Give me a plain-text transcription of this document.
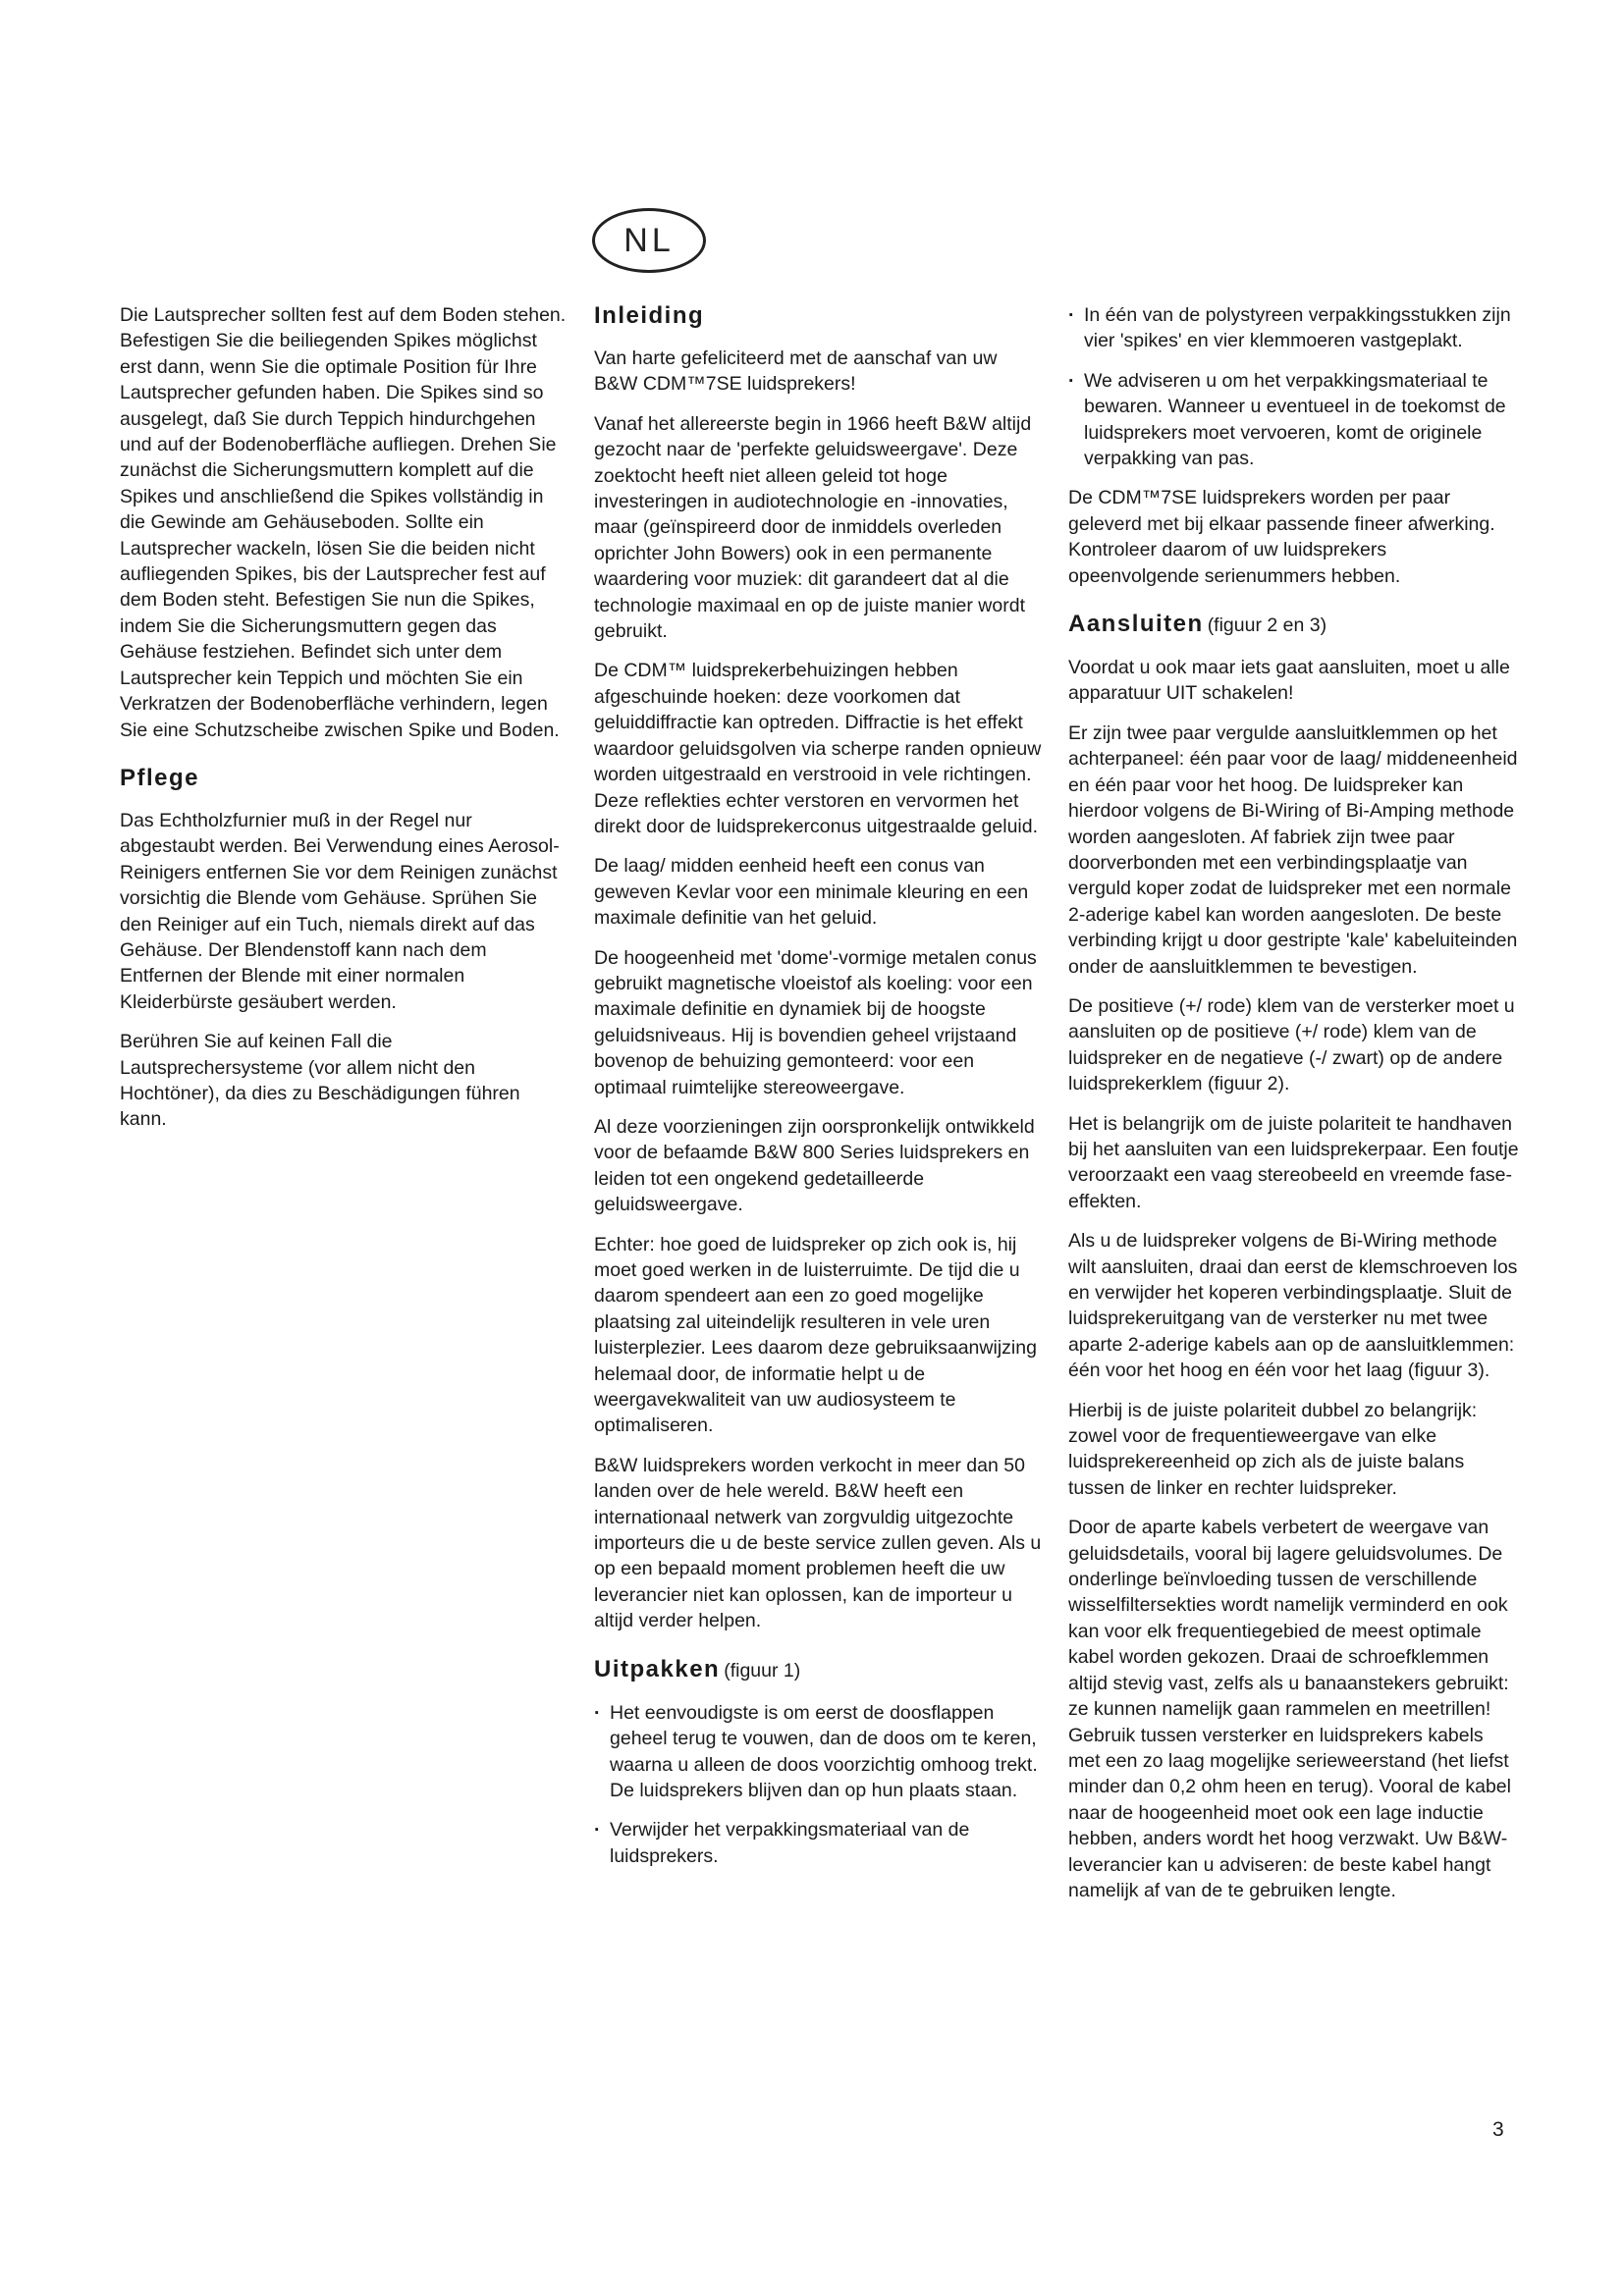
NL

Die Lautsprecher sollten fest auf dem Boden stehen. Befestigen Sie die beiliegenden Spikes möglichst erst dann, wenn Sie die optimale Position für Ihre Lautsprecher gefunden haben. Die Spikes sind so ausgelegt, daß Sie durch Teppich hindurchgehen und auf der Bodenoberfläche aufliegen. Drehen Sie zunächst die Sicherungsmuttern komplett auf die Spikes und anschließend die Spikes vollständig in die Gewinde am Gehäuseboden. Sollte ein Lautsprecher wackeln, lösen Sie die beiden nicht aufliegenden Spikes, bis der Lautsprecher fest auf dem Boden steht. Befestigen Sie nun die Spikes, indem Sie die Sicherungsmuttern gegen das Gehäuse festziehen. Befindet sich unter dem Lautsprecher kein Teppich und möchten Sie ein Verkratzen der Bodenoberfläche verhindern, legen Sie eine Schutzscheibe zwischen Spike und Boden.

Pflege

Das Echtholzfurnier muß in der Regel nur abgestaubt werden. Bei Verwendung eines Aerosol-Reinigers entfernen Sie vor dem Reinigen zunächst vorsichtig die Blende vom Gehäuse. Sprühen Sie den Reiniger auf ein Tuch, niemals direkt auf das Gehäuse. Der Blendenstoff kann nach dem Entfernen der Blende mit einer normalen Kleiderbürste gesäubert werden.

Berühren Sie auf keinen Fall die Lautsprechersysteme (vor allem nicht den Hochtöner), da dies zu Beschädigungen führen kann.

Inleiding

Van harte gefeliciteerd met de aanschaf van uw B&W CDM™7SE luidsprekers!

Vanaf het allereerste begin in 1966 heeft B&W altijd gezocht naar de 'perfekte geluidsweergave'. Deze zoektocht heeft niet alleen geleid tot hoge investeringen in audiotechnologie en -innovaties, maar (geïnspireerd door de inmiddels overleden oprichter John Bowers) ook in een permanente waardering voor muziek: dit garandeert dat al die technologie maximaal en op de juiste manier wordt gebruikt.

De CDM™ luidsprekerbehuizingen hebben afgeschuinde hoeken: deze voorkomen dat geluiddiffractie kan optreden. Diffractie is het effekt waardoor geluidsgolven via scherpe randen opnieuw worden uitgestraald en verstrooid in vele richtingen. Deze reflekties echter verstoren en vervormen het direkt door de luidsprekerconus uitgestraalde geluid.

De laag/ midden eenheid heeft een conus van geweven Kevlar voor een minimale kleuring en een maximale definitie van het geluid.

De hoogeenheid met 'dome'-vormige metalen conus gebruikt magnetische vloeistof als koeling: voor een maximale definitie en dynamiek bij de hoogste geluidsniveaus. Hij is bovendien geheel vrijstaand bovenop de behuizing gemonteerd: voor een optimaal ruimtelijke stereoweergave.

Al deze voorzieningen zijn oorspronkelijk ontwikkeld voor de befaamde B&W 800 Series luidsprekers en leiden tot een ongekend gedetailleerde geluidsweergave.

Echter: hoe goed de luidspreker op zich ook is, hij moet goed werken in de luisterruimte. De tijd die u daarom spendeert aan een zo goed mogelijke plaatsing zal uiteindelijk resulteren in vele uren luisterplezier. Lees daarom deze gebruiksaanwijzing helemaal door, de informatie helpt u de weergavekwaliteit van uw audiosysteem te optimaliseren.

B&W luidsprekers worden verkocht in meer dan 50 landen over de hele wereld. B&W heeft een internationaal netwerk van zorgvuldig uitgezochte importeurs die u de beste service zullen geven. Als u op een bepaald moment problemen heeft die uw leverancier niet kan oplossen, kan de importeur u altijd verder helpen.

Uitpakken (figuur 1)
· Het eenvoudigste is om eerst de doosflappen geheel terug te vouwen, dan de doos om te keren, waarna u alleen de doos voorzichtig omhoog trekt. De luidsprekers blijven dan op hun plaats staan.
· Verwijder het verpakkingsmateriaal van de luidsprekers.
· In één van de polystyreen verpakkingsstukken zijn vier 'spikes' en vier klemmoeren vastgeplakt.
· We adviseren u om het verpakkingsmateriaal te bewaren. Wanneer u eventueel in de toekomst de luidsprekers moet vervoeren, komt de originele verpakking van pas.

De CDM™7SE luidsprekers worden per paar geleverd met bij elkaar passende fineer afwerking. Kontroleer daarom of uw luidsprekers opeenvolgende serienummers hebben.

Aansluiten (figuur 2 en 3)

Voordat u ook maar iets gaat aansluiten, moet u alle apparatuur UIT schakelen!

Er zijn twee paar vergulde aansluitklemmen op het achterpaneel: één paar voor de laag/ middeneenheid en één paar voor het hoog. De luidspreker kan hierdoor volgens de Bi-Wiring of Bi-Amping methode worden aangesloten. Af fabriek zijn twee paar doorverbonden met een verbindingsplaatje van verguld koper zodat de luidspreker met een normale 2-aderige kabel kan worden aangesloten. De beste verbinding krijgt u door gestripte 'kale' kabeluiteinden onder de aansluitklemmen te bevestigen.

De positieve (+/ rode) klem van de versterker moet u aansluiten op de positieve (+/ rode) klem van de luidspreker en de negatieve (-/ zwart) op de andere luidsprekerklem (figuur 2).

Het is belangrijk om de juiste polariteit te handhaven bij het aansluiten van een luidsprekerpaar. Een foutje veroorzaakt een vaag stereobeeld en vreemde fase-effekten.

Als u de luidspreker volgens de Bi-Wiring methode wilt aansluiten, draai dan eerst de klemschroeven los en verwijder het koperen verbindingsplaatje. Sluit de luidsprekeruitgang van de versterker nu met twee aparte 2-aderige kabels aan op de aansluitklemmen: één voor het hoog en één voor het laag (figuur 3).

Hierbij is de juiste polariteit dubbel zo belangrijk: zowel voor de frequentieweergave van elke luidsprekereenheid op zich als de juiste balans tussen de linker en rechter luidspreker.

Door de aparte kabels verbetert de weergave van geluidsdetails, vooral bij lagere geluidsvolumes. De onderlinge beïnvloeding tussen de verschillende wisselfiltersekties wordt namelijk verminderd en ook kan voor elk frequentiegebied de meest optimale kabel worden gekozen. Draai de schroefklemmen altijd stevig vast, zelfs als u banaanstekers gebruikt: ze kunnen namelijk gaan rammelen en meetrillen! Gebruik tussen versterker en luidsprekers kabels met een zo laag mogelijke serieweerstand (het liefst minder dan 0,2 ohm heen en terug). Vooral de kabel naar de hoogeenheid moet ook een lage inductie hebben, anders wordt het hoog verzwakt. Uw B&W-leverancier kan u adviseren: de beste kabel hangt namelijk af van de te gebruiken lengte.

3
